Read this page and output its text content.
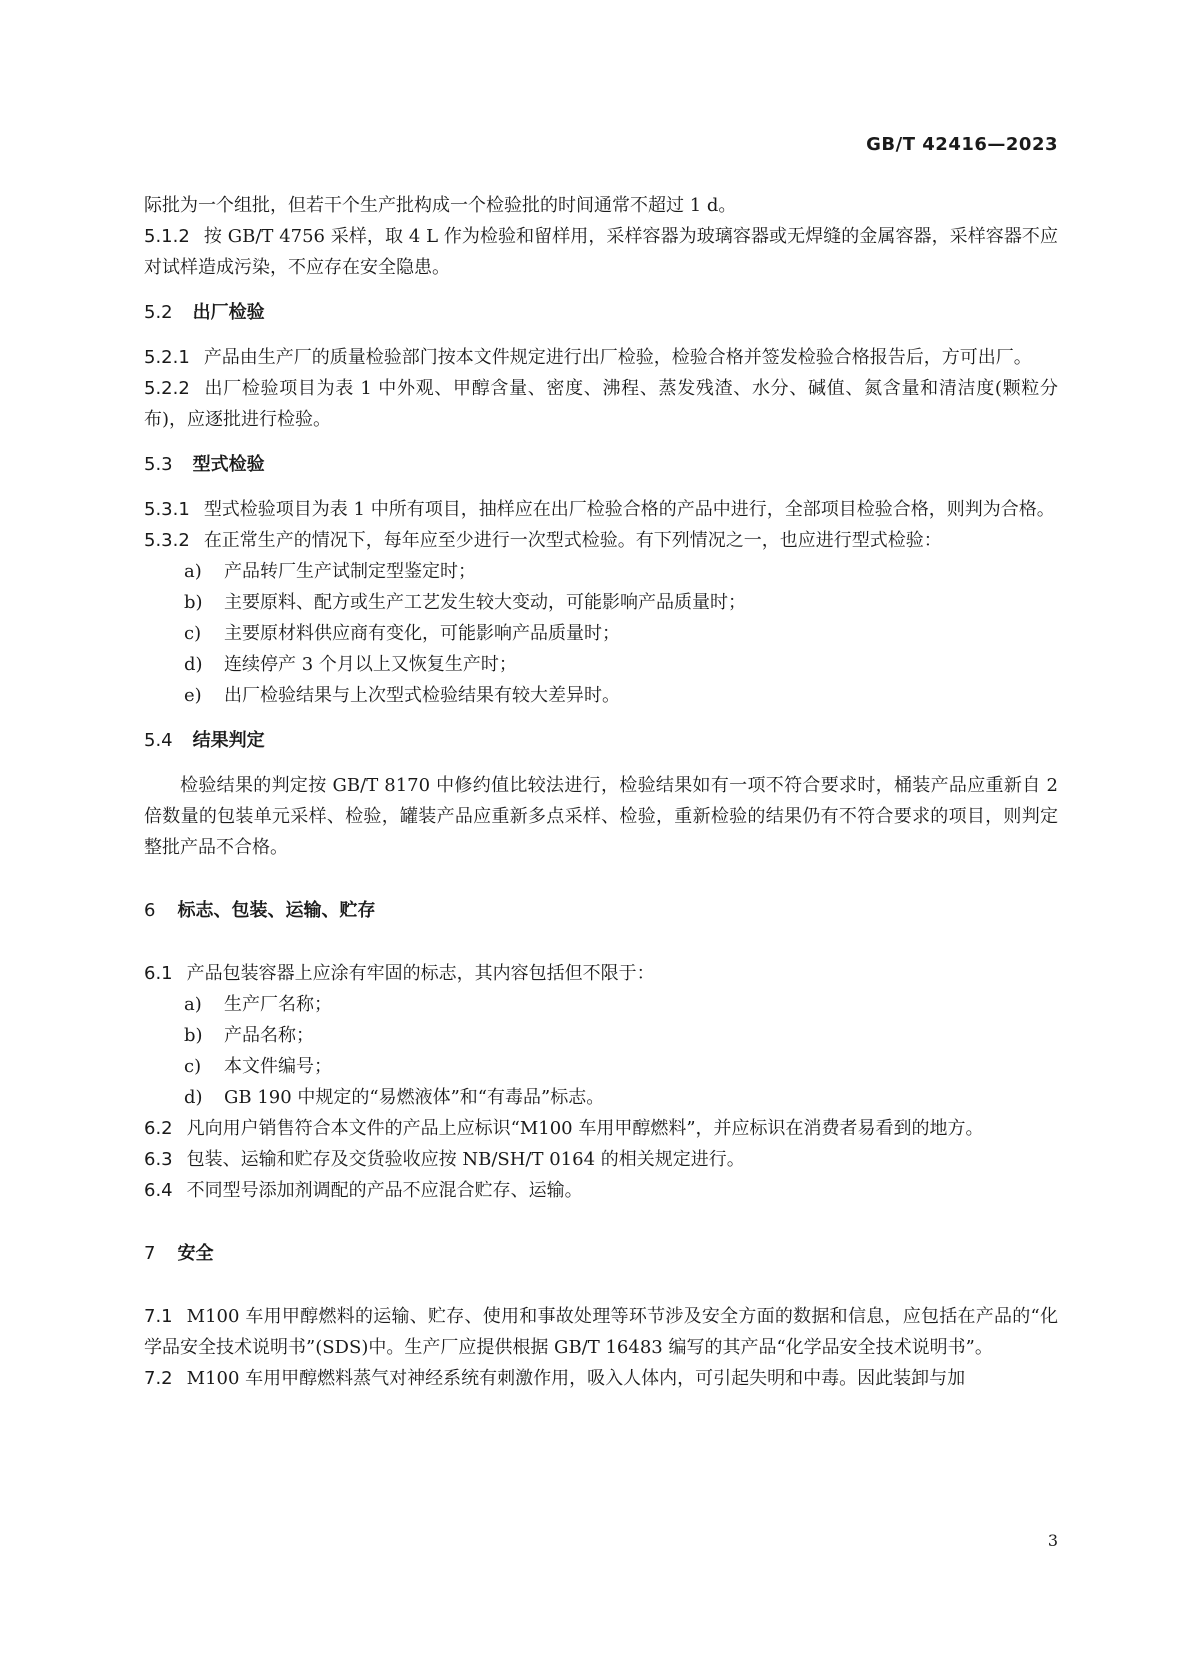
GB/T 42416—2023

际批为一个组批，但若干个生产批构成一个检验批的时间通常不超过 1 d。

5.1.2 按 GB/T 4756 采样，取 4 L 作为检验和留样用，采样容器为玻璃容器或无焊缝的金属容器，采样容器不应对试样造成污染，不应存在安全隐患。

5.2 出厂检验

5.2.1 产品由生产厂的质量检验部门按本文件规定进行出厂检验，检验合格并签发检验合格报告后，方可出厂。

5.2.2 出厂检验项目为表 1 中外观、甲醇含量、密度、沸程、蒸发残渣、水分、碱值、氮含量和清洁度(颗粒分布)，应逐批进行检验。

5.3 型式检验

5.3.1 型式检验项目为表 1 中所有项目，抽样应在出厂检验合格的产品中进行，全部项目检验合格，则判为合格。

5.3.2 在正常生产的情况下，每年应至少进行一次型式检验。有下列情况之一，也应进行型式检验：

a) 产品转厂生产试制定型鉴定时；

b) 主要原料、配方或生产工艺发生较大变动，可能影响产品质量时；

c) 主要原材料供应商有变化，可能影响产品质量时；

d) 连续停产 3 个月以上又恢复生产时；

e) 出厂检验结果与上次型式检验结果有较大差异时。

5.4 结果判定

检验结果的判定按 GB/T 8170 中修约值比较法进行，检验结果如有一项不符合要求时，桶装产品应重新自 2 倍数量的包装单元采样、检验，罐装产品应重新多点采样、检验，重新检验的结果仍有不符合要求的项目，则判定整批产品不合格。

6 标志、包装、运输、贮存

6.1 产品包装容器上应涂有牢固的标志，其内容包括但不限于：

a) 生产厂名称；

b) 产品名称；

c) 本文件编号；

d) GB 190 中规定的“易燃液体”和“有毒品”标志。

6.2 凡向用户销售符合本文件的产品上应标识“M100 车用甲醇燃料”，并应标识在消费者易看到的地方。

6.3 包装、运输和贮存及交货验收应按 NB/SH/T 0164 的相关规定进行。

6.4 不同型号添加剂调配的产品不应混合贮存、运输。

7 安全

7.1 M100 车用甲醇燃料的运输、贮存、使用和事故处理等环节涉及安全方面的数据和信息，应包括在产品的“化学品安全技术说明书”(SDS)中。生产厂应提供根据 GB/T 16483 编写的其产品“化学品安全技术说明书”。

7.2 M100 车用甲醇燃料蒸气对神经系统有刺激作用，吸入人体内，可引起失明和中毒。因此装卸与加

3
